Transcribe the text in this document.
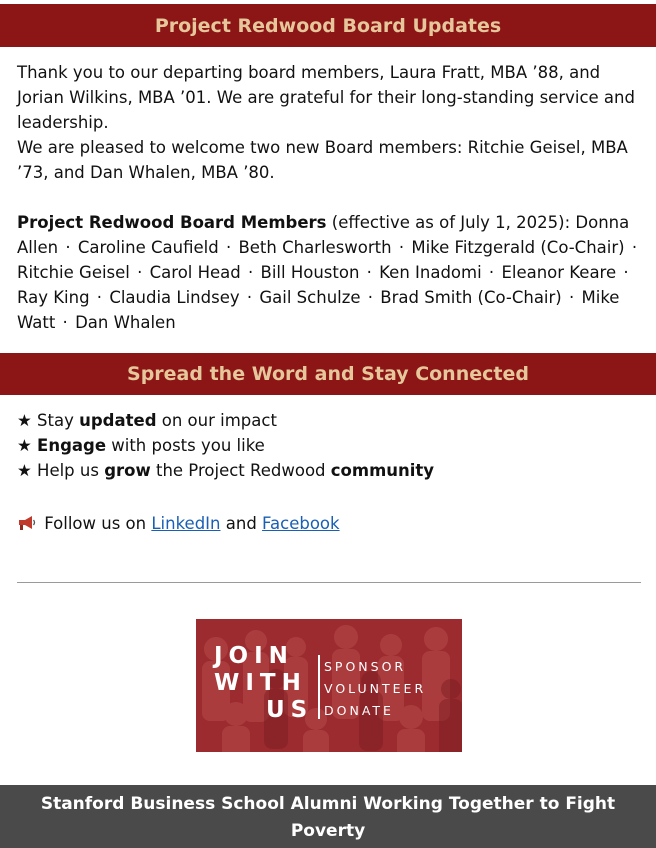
Project Redwood Board Updates

Thank you to our departing board members, Laura Fratt, MBA ’88, and Jorian Wilkins, MBA ’01. We are grateful for their long-standing service and leadership.

We are pleased to welcome two new Board members: Ritchie Geisel, MBA ’73, and Dan Whalen, MBA ’80.

Project Redwood Board Members (effective as of July 1, 2025): Donna Allen · Caroline Caufield · Beth Charlesworth · Mike Fitzgerald (Co-Chair) · Ritchie Geisel · Carol Head · Bill Houston · Ken Inadomi · Eleanor Keare · Ray King · Claudia Lindsey · Gail Schulze · Brad Smith (Co-Chair) · Mike Watt · Dan Whalen

Spread the Word and Stay Connected
★ Stay updated on our impact
★ Engage with posts you like
★ Help us grow the Project Redwood community
Follow us on LinkedIn and Facebook
JOIN
WITH
US
SPONSOR
VOLUNTEER
DONATE
Stanford Business School Alumni Working Together to Fight Poverty
